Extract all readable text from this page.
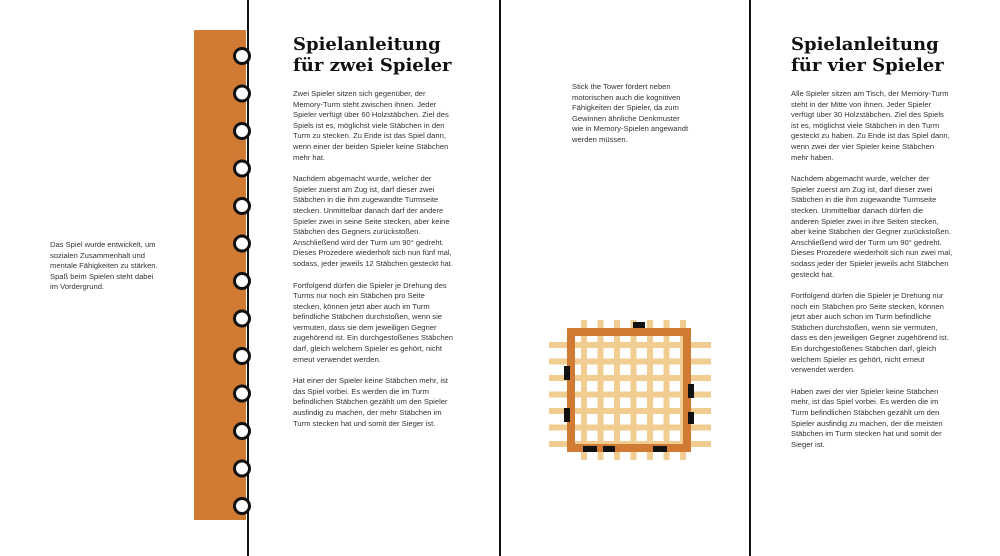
Das Spiel wurde entwickelt, um sozialen Zusammenhalt und mentale Fähigkeiten zu stärken. Spaß beim Spielen steht dabei im Vordergrund.
Spielanleitung für zwei Spieler

Zwei Spieler sitzen sich gegenüber, der Memory-Turm steht zwischen ihnen. Jeder Spieler verfügt über 60 Holzstäbchen. Ziel des Spiels ist es, möglichst viele Stäbchen in den Turm zu stecken. Zu Ende ist das Spiel dann, wenn einer der beiden Spieler keine Stäbchen mehr hat.

Nachdem abgemacht wurde, welcher der Spieler zuerst am Zug ist, darf dieser zwei Stäbchen in die ihm zugewandte Turmseite stecken. Unmittelbar danach darf der andere Spieler zwei in seine Seite stecken, aber keine Stäbchen des Gegners zurückstoßen. Anschließend wird der Turm um 90° gedreht. Dieses Prozedere wiederholt sich nun fünf mal, sodass, jeder jeweils 12 Stäbchen gesteckt hat.

Fortfolgend dürfen die Spieler je Drehung des Turms nur noch ein Stäbchen pro Seite stecken, können jetzt aber auch im Turm befindliche Stäbchen durchstoßen, wenn sie vermuten, dass sie dem jeweiligen Gegner zugehörend ist. Ein durchgestoßenes Stäbchen darf, gleich welchem Spieler es gehört, nicht erneut verwendet werden.

Hat einer der Spieler keine Stäbchen mehr, ist das Spiel vorbei. Es werden die im Turm befindlichen Stäbchen gezählt um den Spieler ausfindig zu machen, der mehr Stäbchen im Turm stecken hat und somit der Sieger ist.

Stick the Tower fördert neben motorischen auch die kognitiven Fähigkeiten der Spieler, da zum Gewinnen ähnliche Denkmuster wie in Memory-Spielen angewandt werden müssen.
Spielanleitung für vier Spieler

Alle Spieler sitzen am Tisch, der Memory-Turm steht in der Mitte von ihnen. Jeder Spieler verfügt über 30 Holzstäbchen. Ziel des Spiels ist es, möglichst viele Stäbchen in den Turm gesteckt zu haben. Zu Ende ist das Spiel dann, wenn zwei der vier Spieler keine Stäbchen mehr haben.

Nachdem abgemacht wurde, welcher der Spieler zuerst am Zug ist, darf dieser zwei Stäbchen in die ihm zugewandte Turmseite stecken. Unmittelbar danach dürfen die anderen Spieler zwei in ihre Seiten stecken, aber keine Stäbchen der Gegner zurückstoßen. Anschließend wird der Turm um 90° gedreht. Dieses Prozedere wiederholt sich nun zwei mal, sodass jeder der Spieler jeweils acht Stäbchen gesteckt hat.

Fortfolgend dürfen die Spieler je Drehung nur noch ein Stäbchen pro Seite stecken, können jetzt aber auch schon im Turm befindliche Stäbchen durchstoßen, wenn sie vermuten, dass es den jeweiligen Gegner zugehörend ist. Ein durchgestoßenes Stäbchen darf, gleich welchem Spieler es gehört, nicht erneut verwendet werden.

Haben zwei der vier Spieler keine Stäbchen mehr, ist das Spiel vorbei. Es werden die im Turm befindlichen Stäbchen gezählt um den Spieler ausfindig zu machen, der die meisten Stäbchen im Turm stecken hat und somit der Sieger ist.
